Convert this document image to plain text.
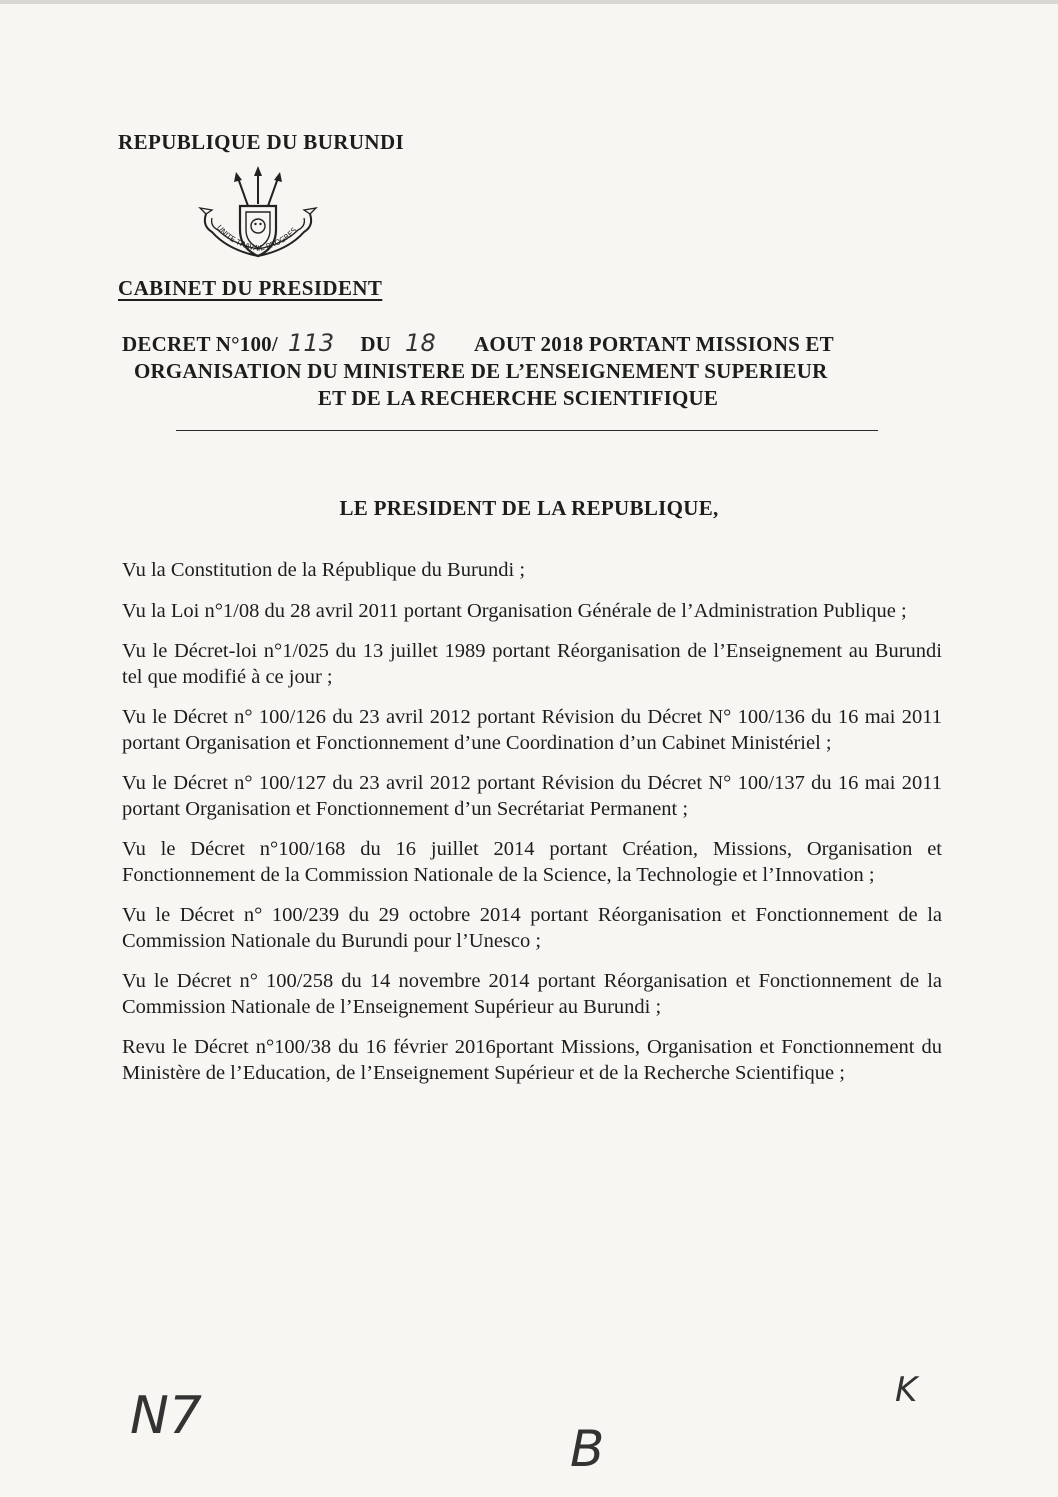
REPUBLIQUE DU BURUNDI
UNITE TRAVAIL PROGRES
CABINET DU PRESIDENT
DECRET N°100/ 113 DU 18 AOUT 2018 PORTANT MISSIONS ET
ORGANISATION DU MINISTERE DE L’ENSEIGNEMENT SUPERIEUR
ET DE LA RECHERCHE SCIENTIFIQUE
LE PRESIDENT DE LA REPUBLIQUE,

Vu la Constitution de la République du Burundi ;

Vu la Loi n°1/08 du 28 avril 2011 portant Organisation Générale de l’Administration Publique ;

Vu le Décret-loi n°1/025 du 13 juillet 1989 portant Réorganisation de l’Enseignement au Burundi tel que modifié à ce jour ;

Vu le Décret n° 100/126 du 23 avril 2012 portant Révision du Décret N° 100/136 du 16 mai 2011 portant Organisation et Fonctionnement d’une Coordination d’un Cabinet Ministériel ;

Vu le Décret n° 100/127 du 23 avril 2012 portant Révision du Décret N° 100/137 du 16 mai 2011 portant Organisation et Fonctionnement d’un Secrétariat Permanent ;

Vu le Décret n°100/168 du 16 juillet 2014 portant Création, Missions, Organisation et Fonctionnement de la Commission Nationale de la Science, la Technologie et l’Innovation ;

Vu le Décret n° 100/239 du 29 octobre 2014 portant Réorganisation et Fonctionnement de la Commission Nationale du Burundi pour l’Unesco ;

Vu le Décret n° 100/258 du 14 novembre 2014 portant Réorganisation et Fonctionnement de la Commission Nationale de l’Enseignement Supérieur au Burundi ;

Revu le Décret n°100/38 du 16 février 2016portant Missions, Organisation et Fonctionnement du Ministère de l’Education, de l’Enseignement Supérieur et de la Recherche Scientifique ;

N7
B
K
